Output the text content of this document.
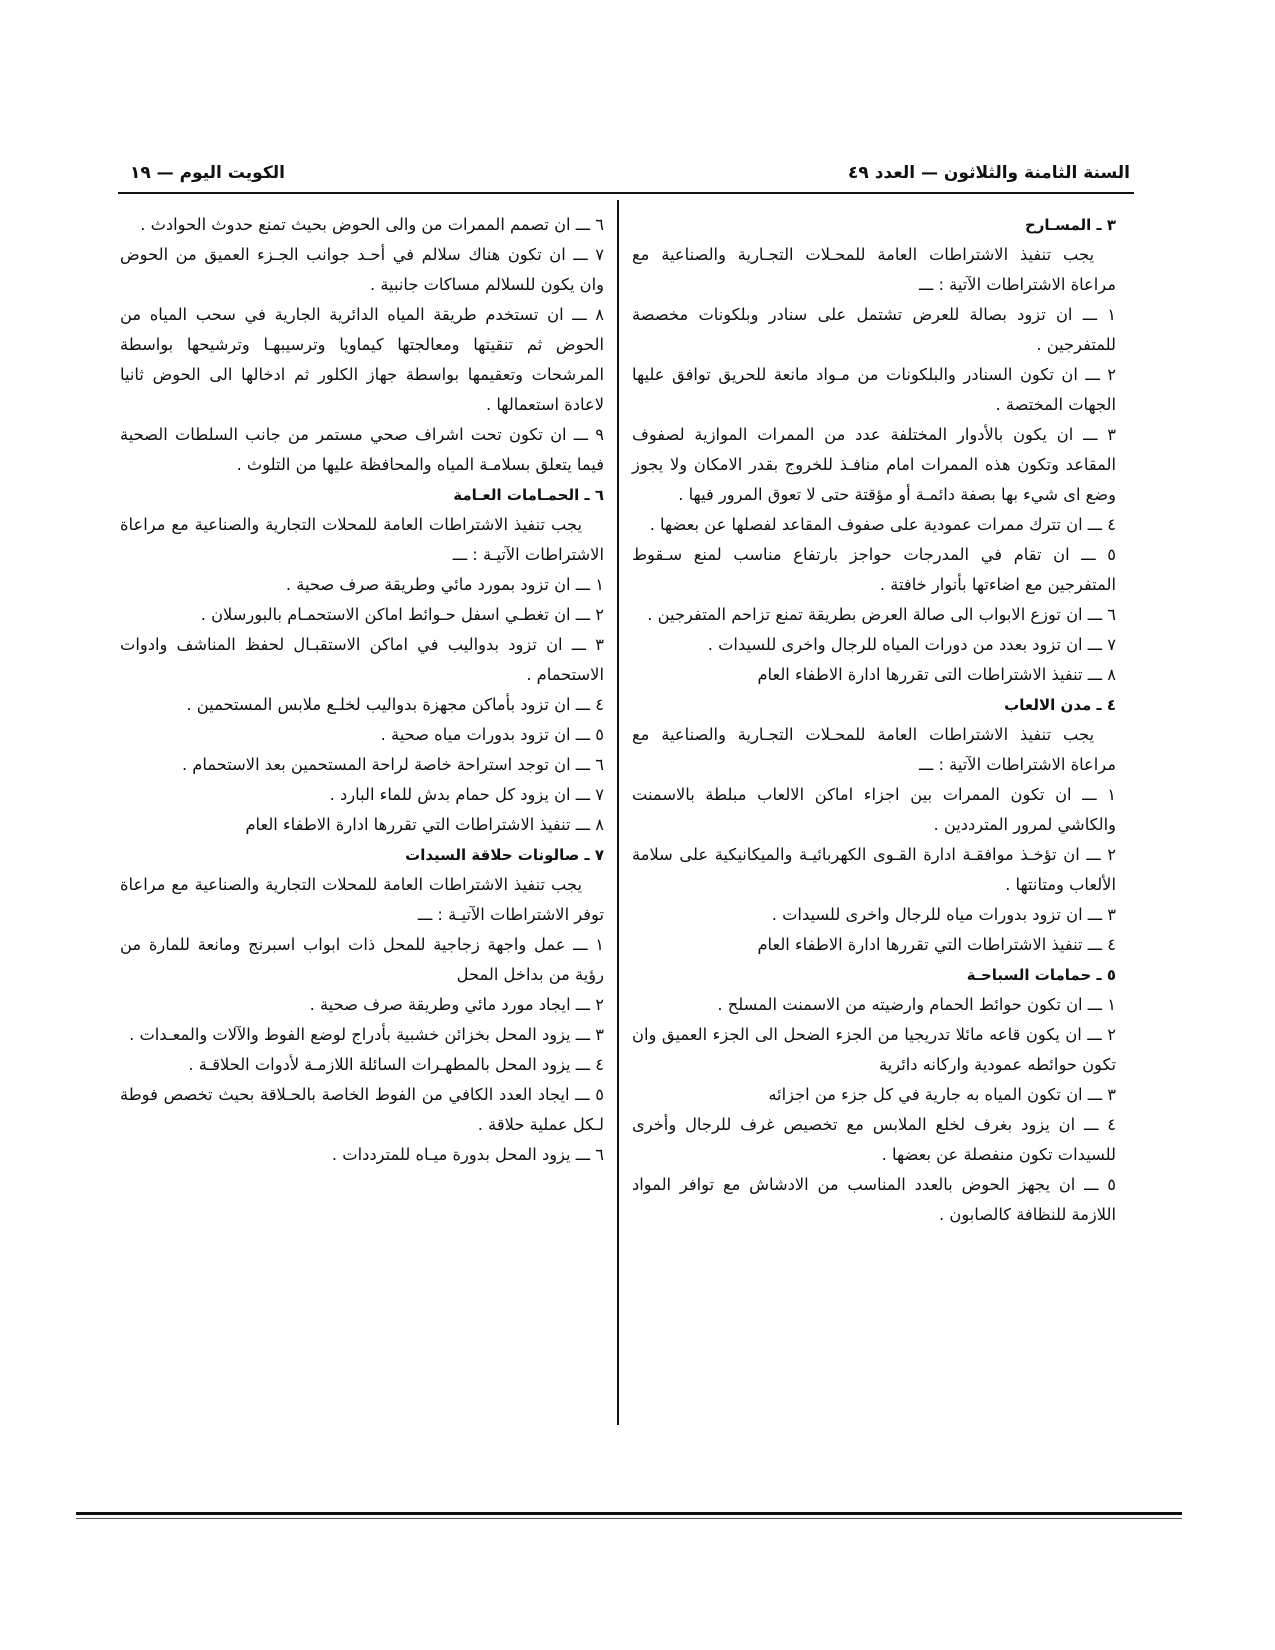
السنة الثامنة والثلاثون — العدد ٤٩
الكويت اليوم — ١٩
٣ ـ المسـارح

يجب تنفيذ الاشتراطات العامة للمحـلات التجـارية والصناعية مع مراعاة الاشتراطات الآتية : ـــ

١ ـــ ان تزود بصالة للعرض تشتمل على سنادر وبلكونات مخصصة للمتفرجين .

٢ ـــ ان تكون السنادر والبلكونات من مـواد مانعة للحريق توافق عليها الجهات المختصة .

٣ ـــ ان يكون بالأدوار المختلفة عدد من الممرات الموازية لصفوف المقاعد وتكون هذه الممرات امام منافـذ للخروج بقدر الامكان ولا يجوز وضع اى شيء بها بصفة دائمـة أو مؤقتة حتى لا تعوق المرور فيها .

٤ ـــ ان تترك ممرات عمودية على صفوف المقاعد لفصلها عن بعضها .

٥ ـــ ان تقام في المدرجات حواجز بارتفاع مناسب لمنع سـقوط المتفرجين مع اضاءتها بأنوار خافتة .

٦ ـــ ان توزع الابواب الى صالة العرض بطريقة تمنع تزاحم المتفرجين .

٧ ـــ ان تزود بعدد من دورات المياه للرجال واخرى للسيدات .

٨ ـــ تنفيذ الاشتراطات التى تقررها ادارة الاطفاء العام

٤ ـ مدن الالعاب

يجب تنفيذ الاشتراطات العامة للمحـلات التجـارية والصناعية مع مراعاة الاشتراطات الآتية : ـــ

١ ـــ ان تكون الممرات بين اجزاء اماكن الالعاب مبلطة بالاسمنت والكاشي لمرور المترددين .

٢ ـــ ان تؤخـذ موافقـة ادارة القـوى الكهربائيـة والميكانيكية على سلامة الألعاب ومتانتها .

٣ ـــ ان تزود بدورات مياه للرجال واخرى للسيدات .

٤ ـــ تنفيذ الاشتراطات التي تقررها ادارة الاطفاء العام

٥ ـ حمامات السباحـة

١ ـــ ان تكون حوائط الحمام وارضيته من الاسمنت المسلح .

٢ ـــ ان يكون قاعه مائلا تدريجيا من الجزء الضحل الى الجزء العميق وان تكون حوائطه عمودية واركانه دائرية

٣ ـــ ان تكون المياه به جارية في كل جزء من اجزائه

٤ ـــ ان يزود بغرف لخلع الملابس مع تخصيص غرف للرجال وأخرى للسيدات تكون منفصلة عن بعضها .

٥ ـــ ان يجهز الحوض بالعدد المناسب من الادشاش مع توافر المواد اللازمة للنظافة كالصابون .

٦ ـــ ان تصمم الممرات من والى الحوض بحيث تمنع حدوث الحوادث .

٧ ـــ ان تكون هناك سلالم في أحـد جوانب الجـزء العميق من الحوض وان يكون للسلالم مساكات جانبية .

٨ ـــ ان تستخدم طريقة المياه الدائرية الجارية في سحب المياه من الحوض ثم تنقيتها ومعالجتها كيماويا وترسيبهـا وترشيحها بواسطة المرشحات وتعقيمها بواسطة جهاز الكلور ثم ادخالها الى الحوض ثانيا لاعادة استعمالها .

٩ ـــ ان تكون تحت اشراف صحي مستمر من جانب السلطات الصحية فيما يتعلق بسلامـة المياه والمحافظة عليها من التلوث .

٦ ـ الحمـامات العـامة

يجب تنفيذ الاشتراطات العامة للمحلات التجارية والصناعية مع مراعاة الاشتراطات الآتيـة : ـــ

١ ـــ ان تزود بمورد مائي وطريقة صرف صحية .

٢ ـــ ان تغطـي اسفل حـوائط اماكن الاستحمـام بالبورسلان .

٣ ـــ ان تزود بدواليب في اماكن الاستقبـال لحفظ المناشف وادوات الاستحمام .

٤ ـــ ان تزود بأماكن مجهزة بدواليب لخلـع ملابس المستحمين .

٥ ـــ ان تزود بدورات مياه صحية .

٦ ـــ ان توجد استراحة خاصة لراحة المستحمين بعد الاستحمام .

٧ ـــ ان يزود كل حمام بدش للماء البارد .

٨ ـــ تنفيذ الاشتراطات التي تقررها ادارة الاطفاء العام

٧ ـ صالونات حلاقة السيدات

يجب تنفيذ الاشتراطات العامة للمحلات التجارية والصناعية مع مراعاة توفر الاشتراطات الآتيـة : ـــ

١ ـــ عمل واجهة زجاجية للمحل ذات ابواب اسبرنج ومانعة للمارة من رؤية من بداخل المحل

٢ ـــ ايجاد مورد مائي وطريقة صرف صحية .

٣ ـــ يزود المحل بخزائن خشبية بأدراج لوضع الفوط والآلات والمعـدات .

٤ ـــ يزود المحل بالمطهـرات السائلة اللازمـة لأدوات الحلاقـة .

٥ ـــ ايجاد العدد الكافي من الفوط الخاصة بالحـلاقة بحيث تخصص فوطة لـكل عملية حلاقة .

٦ ـــ يزود المحل بدورة ميـاه للمترددات .
